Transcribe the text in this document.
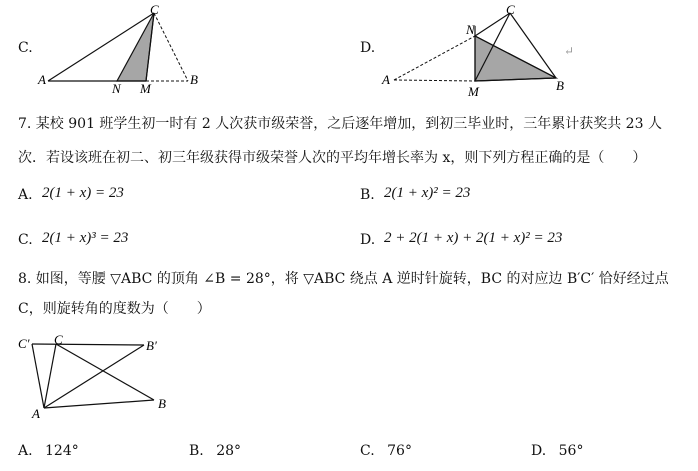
C.
A
N M
B
C
D.
A
N
M	B
C
↵
7. 某校 901 班学生初一时有 2 人次获市级荣誉，之后逐年增加，到初三毕业时，三年累计获奖共 23 人
次．若设该班在初二、初三年级获得市级荣誉人次的平均年增长率为 x，则下列方程正确的是（　　）
A. 2(1 + x) = 23	B. 2(1 + x)² = 23
C. 2(1 + x)³ = 23	D. 2 + 2(1 + x) + 2(1 + x)² = 23
8. 如图，等腰 ▽ABC 的顶角 ∠B = 28°，将 ▽ABC 绕点 A 逆时针旋转，BC 的对应边 B′C′ 恰好经过点
C，则旋转角的度数为（　　）
C′ C	B′
A
B
A. 124°	B. 28°	C. 76°	D. 56°
